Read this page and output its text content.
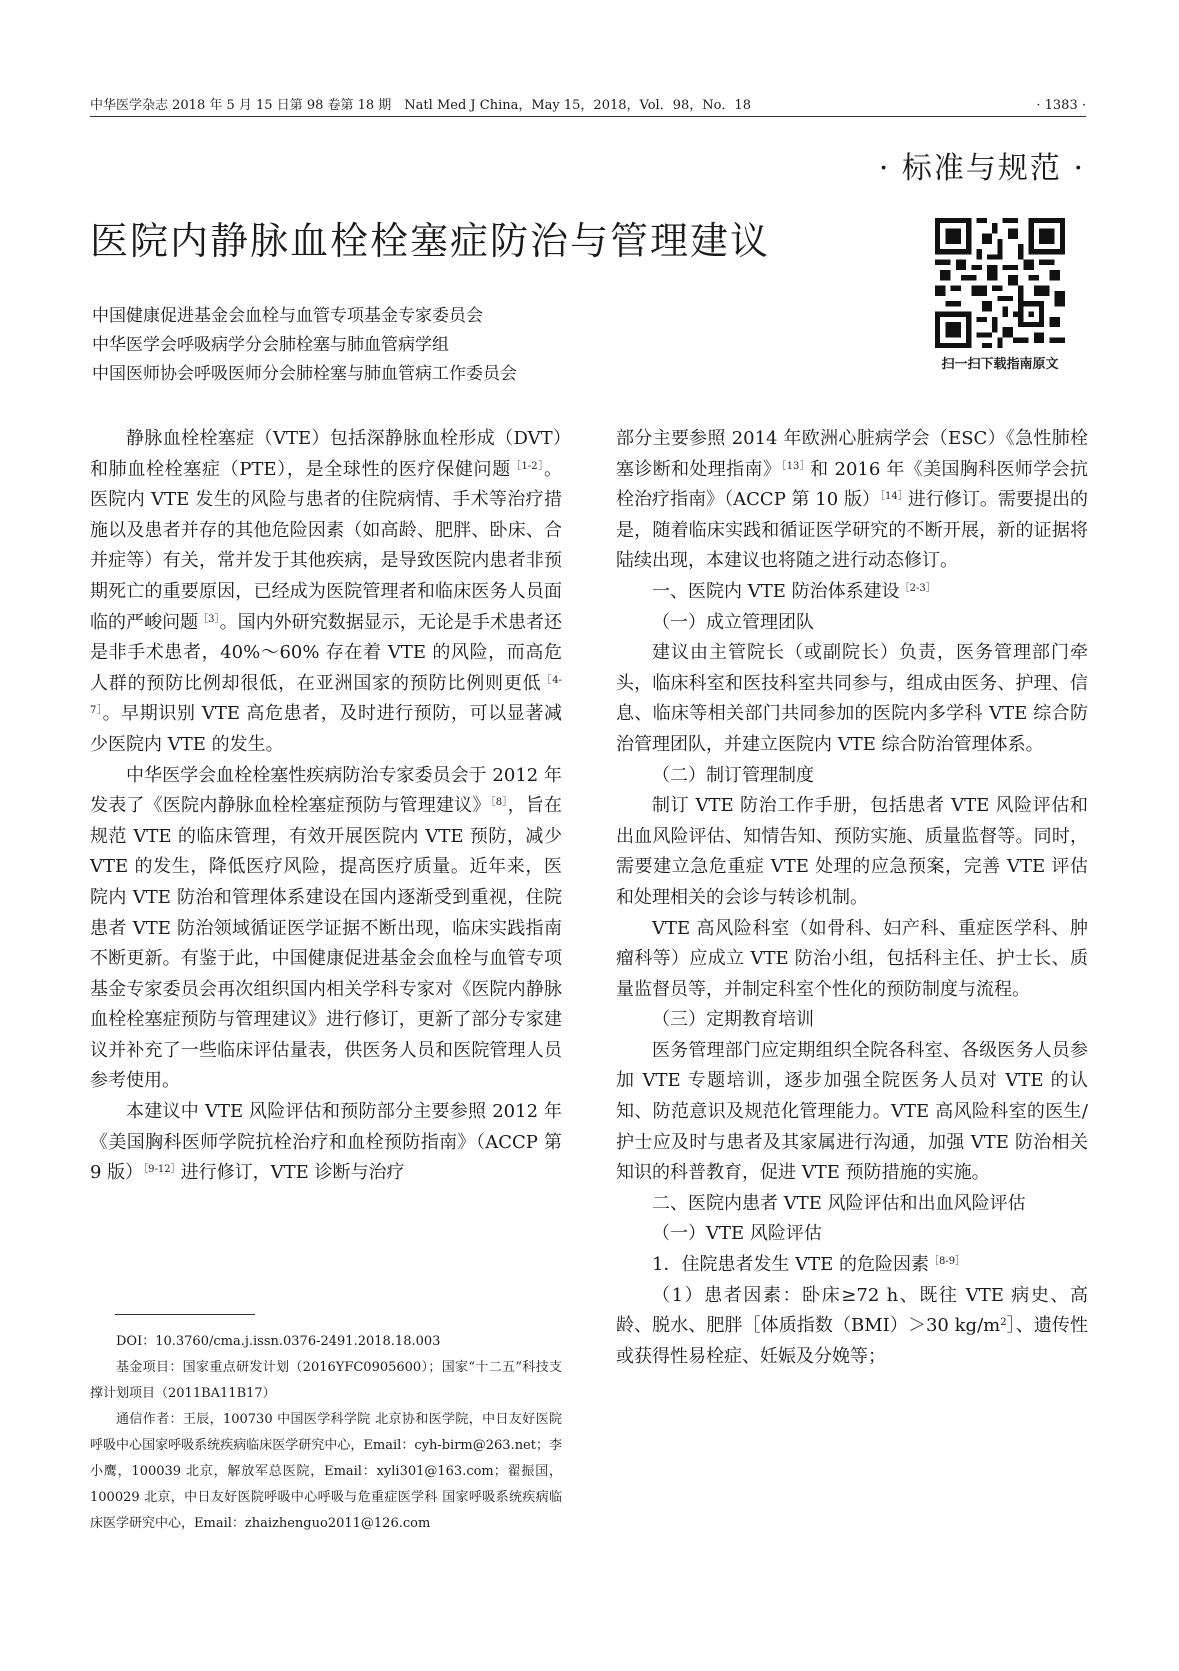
中华医学杂志 2018 年 5 月 15 日第 98 卷第 18 期　Natl Med J China，May 15，2018，Vol．98，No．18	· 1383 ·
· 标准与规范 ·
医院内静脉血栓栓塞症防治与管理建议
中国健康促进基金会血栓与血管专项基金专家委员会
中华医学会呼吸病学分会肺栓塞与肺血管病学组
中国医师协会呼吸医师分会肺栓塞与肺血管病工作委员会	扫一扫下载指南原文

静脉血栓栓塞症（VTE）包括深静脉血栓形成（DVT）和肺血栓栓塞症（PTE），是全球性的医疗保健问题$^{[1-2]}$。医院内 VTE 发生的风险与患者的住院病情、手术等治疗措施以及患者并存的其他危险因素（如高龄、肥胖、卧床、合并症等）有关，常并发于其他疾病，是导致医院内患者非预期死亡的重要原因，已经成为医院管理者和临床医务人员面临的严峻问题$^{[3]}$。国内外研究数据显示，无论是手术患者还是非手术患者，40%～60% 存在着 VTE 的风险，而高危人群的预防比例却很低，在亚洲国家的预防比例则更低$^{[4-7]}$。早期识别 VTE 高危患者，及时进行预防，可以显著减少医院内 VTE 的发生。

中华医学会血栓栓塞性疾病防治专家委员会于 2012 年发表了《医院内静脉血栓栓塞症预防与管理建议》$^{[8]}$，旨在规范 VTE 的临床管理，有效开展医院内 VTE 预防，减少 VTE 的发生，降低医疗风险，提高医疗质量。近年来，医院内 VTE 防治和管理体系建设在国内逐渐受到重视，住院患者 VTE 防治领域循证医学证据不断出现，临床实践指南不断更新。有鉴于此，中国健康促进基金会血栓与血管专项基金专家委员会再次组织国内相关学科专家对《医院内静脉血栓栓塞症预防与管理建议》进行修订，更新了部分专家建议并补充了一些临床评估量表，供医务人员和医院管理人员参考使用。

本建议中 VTE 风险评估和预防部分主要参照 2012 年《美国胸科医师学院抗栓治疗和血栓预防指南》（ACCP 第 9 版）$^{[9-12]}$进行修订，VTE 诊断与治疗

部分主要参照 2014 年欧洲心脏病学会（ESC）《急性肺栓塞诊断和处理指南》$^{[13]}$和 2016 年《美国胸科医师学会抗栓治疗指南》（ACCP 第 10 版）$^{[14]}$进行修订。需要提出的是，随着临床实践和循证医学研究的不断开展，新的证据将陆续出现，本建议也将随之进行动态修订。

一、医院内 VTE 防治体系建设$^{[2-3]}$

（一）成立管理团队

建议由主管院长（或副院长）负责，医务管理部门牵头，临床科室和医技科室共同参与，组成由医务、护理、信息、临床等相关部门共同参加的医院内多学科 VTE 综合防治管理团队，并建立医院内 VTE 综合防治管理体系。

（二）制订管理制度

制订 VTE 防治工作手册，包括患者 VTE 风险评估和出血风险评估、知情告知、预防实施、质量监督等。同时，需要建立急危重症 VTE 处理的应急预案，完善 VTE 评估和处理相关的会诊与转诊机制。

VTE 高风险科室（如骨科、妇产科、重症医学科、肿瘤科等）应成立 VTE 防治小组，包括科主任、护士长、质量监督员等，并制定科室个性化的预防制度与流程。

（三）定期教育培训

医务管理部门应定期组织全院各科室、各级医务人员参加 VTE 专题培训，逐步加强全院医务人员对 VTE 的认知、防范意识及规范化管理能力。VTE 高风险科室的医生/护士应及时与患者及其家属进行沟通，加强 VTE 防治相关知识的科普教育，促进 VTE 预防措施的实施。

二、医院内患者 VTE 风险评估和出血风险评估

（一）VTE 风险评估

1．住院患者发生 VTE 的危险因素$^{[8-9]}$

（1）患者因素：卧床≥72 h、既往 VTE 病史、高龄、脱水、肥胖［体质指数（BMI）＞30 kg/m$^2$］、遗传性或获得性易栓症、妊娠及分娩等；

DOI：10.3760/cma.j.issn.0376-2491.2018.18.003

基金项目：国家重点研发计划（2016YFC0905600）；国家“十二五”科技支撑计划项目（2011BA11B17）

通信作者：王辰，100730 中国医学科学院 北京协和医学院，中日友好医院呼吸中心国家呼吸系统疾病临床医学研究中心，Email：cyh-birm@263.net；李小鹰，100039 北京，解放军总医院，Email：xyli301@163.com；翟振国，100029 北京，中日友好医院呼吸中心呼吸与危重症医学科 国家呼吸系统疾病临床医学研究中心，Email：zhaizhenguo2011@126.com
